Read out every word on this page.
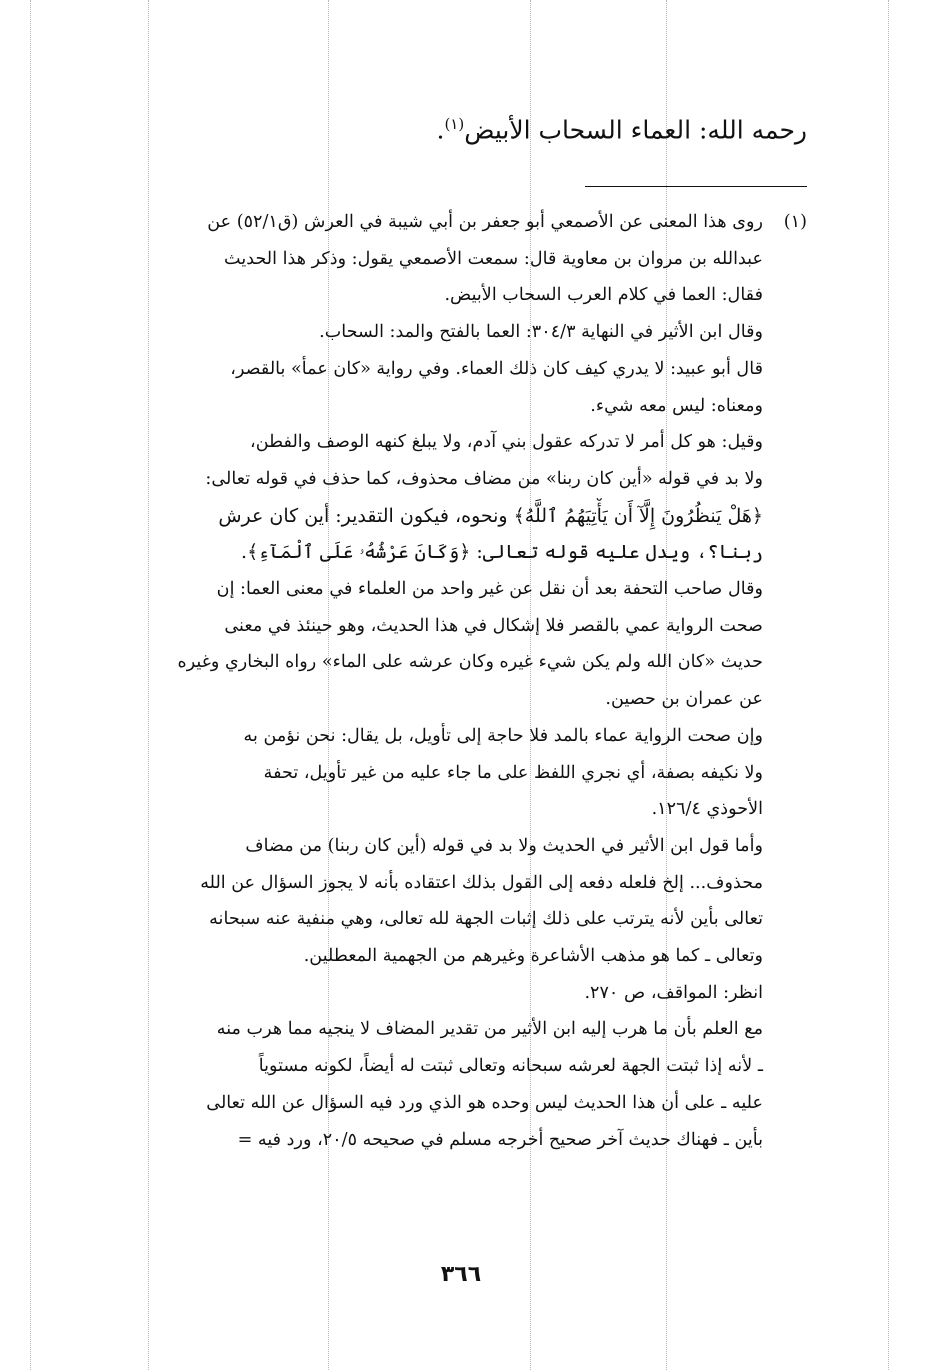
رحمه الله: العماء السحاب الأبيض$^{(١)}$.
(١)
روى هذا المعنى عن الأصمعي أبو جعفر بن أبي شيبة في العرش (ق٥٢/١) عن
عبدالله بن مروان بن معاوية قال: سمعت الأصمعي يقول: وذكر هذا الحديث
فقال: العما في كلام العرب السحاب الأبيض.
وقال ابن الأثير في النهاية ٣٠٤/٣: العما بالفتح والمد: السحاب.
قال أبو عبيد: لا يدري كيف كان ذلك العماء. وفي رواية «كان عمأ» بالقصر،
ومعناه: ليس معه شيء.
وقيل: هو كل أمر لا تدركه عقول بني آدم، ولا يبلغ كنهه الوصف والفطن،
ولا بد في قوله «أين كان ربنا» من مضاف محذوف، كما حذف في قوله تعالى:
﴿هَلْ يَنظُرُونَ إِلَّآ أَن يَأْتِيَهُمُ ٱللَّهُ﴾ ونحوه، فيكون التقدير: أين كان عرش
ربنا؟، ويدل عليه قوله تعالى: ﴿وَكَانَ عَرْشُهُۥ عَلَى ٱلْمَآءِ﴾.
وقال صاحب التحفة بعد أن نقل عن غير واحد من العلماء في معنى العما: إن
صحت الرواية عمي بالقصر فلا إشكال في هذا الحديث، وهو حينئذ في معنى
حديث «كان الله ولم يكن شيء غيره وكان عرشه على الماء» رواه البخاري وغيره
عن عمران بن حصين.
وإن صحت الرواية عماء بالمد فلا حاجة إلى تأويل، بل يقال: نحن نؤمن به
ولا نكيفه بصفة، أي نجري اللفظ على ما جاء عليه من غير تأويل، تحفة
الأحوذي ١٢٦/٤.
وأما قول ابن الأثير في الحديث ولا بد في قوله (أين كان ربنا) من مضاف
محذوف... إلخ فلعله دفعه إلى القول بذلك اعتقاده بأنه لا يجوز السؤال عن الله
تعالى بأين لأنه يترتب على ذلك إثبات الجهة لله تعالى، وهي منفية عنه سبحانه
وتعالى ـ كما هو مذهب الأشاعرة وغيرهم من الجهمية المعطلين.
انظر: المواقف، ص ٢٧٠.
مع العلم بأن ما هرب إليه ابن الأثير من تقدير المضاف لا ينجيه مما هرب منه
ـ لأنه إذا ثبتت الجهة لعرشه سبحانه وتعالى ثبتت له أيضاً، لكونه مستوياً
عليه ـ على أن هذا الحديث ليس وحده هو الذي ورد فيه السؤال عن الله تعالى
بأين ـ فهناك حديث آخر صحيح أخرجه مسلم في صحيحه ٢٠/٥، ورد فيه =
٣٦٦
